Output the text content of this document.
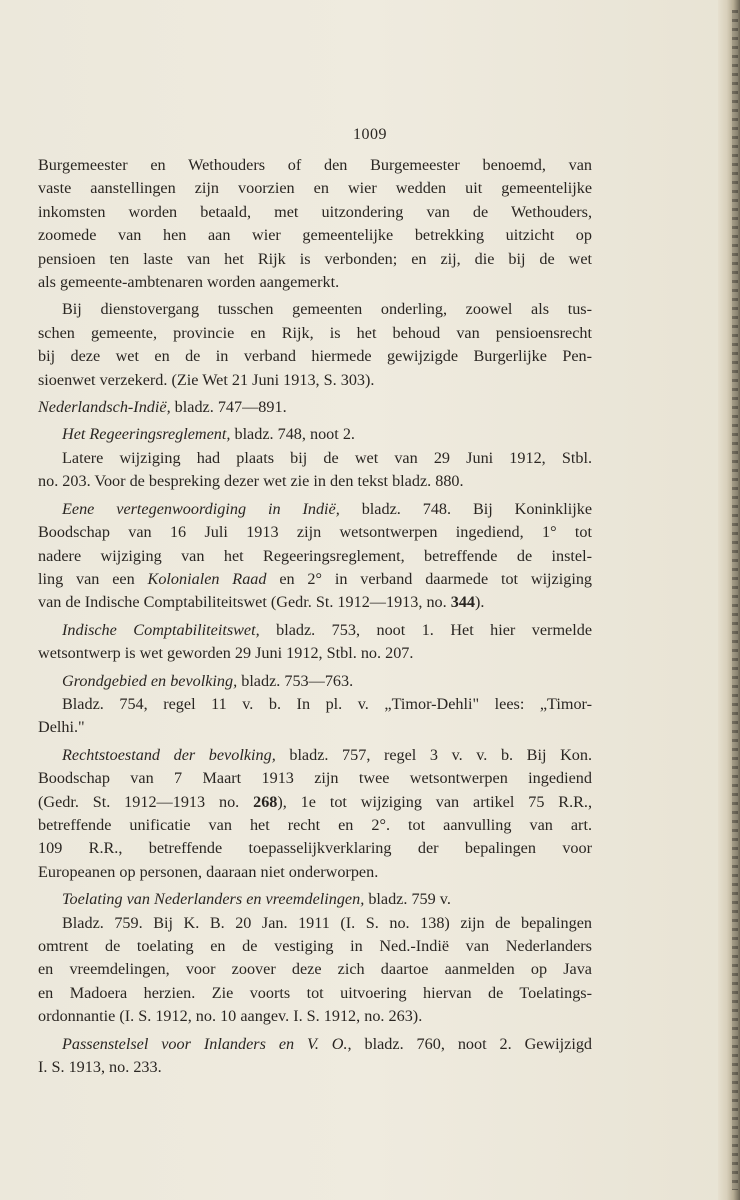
1009

Burgemeester en Wethouders of den Burgemeester benoemd, van

vaste aanstellingen zijn voorzien en wier wedden uit gemeentelijke

inkomsten worden betaald, met uitzondering van de Wethouders,

zoomede van hen aan wier gemeentelijke betrekking uitzicht op

pensioen ten laste van het Rijk is verbonden; en zij, die bij de wet

als gemeente-ambtenaren worden aangemerkt.

Bij dienstovergang tusschen gemeenten onderling, zoowel als tus-

schen gemeente, provincie en Rijk, is het behoud van pensioensrecht

bij deze wet en de in verband hiermede gewijzigde Burgerlijke Pen-

sioenwet verzekerd. (Zie Wet 21 Juni 1913, S. 303).

Nederlandsch-Indië, bladz. 747—891.

Het Regeeringsreglement, bladz. 748, noot 2.

Latere wijziging had plaats bij de wet van 29 Juni 1912, Stbl.

no. 203. Voor de bespreking dezer wet zie in den tekst bladz. 880.

Eene vertegenwoordiging in Indië, bladz. 748. Bij Koninklijke

Boodschap van 16 Juli 1913 zijn wetsontwerpen ingediend, 1° tot

nadere wijziging van het Regeeringsreglement, betreffende de instel-

ling van een Kolonialen Raad en 2° in verband daarmede tot wijziging

van de Indische Comptabiliteitswet (Gedr. St. 1912—1913, no. 344).

Indische Comptabiliteitswet, bladz. 753, noot 1. Het hier vermelde

wetsontwerp is wet geworden 29 Juni 1912, Stbl. no. 207.

Grondgebied en bevolking, bladz. 753—763.

Bladz. 754, regel 11 v. b. In pl. v. „Timor-Dehli" lees: „Timor-

Delhi."

Rechtstoestand der bevolking, bladz. 757, regel 3 v. v. b. Bij Kon.

Boodschap van 7 Maart 1913 zijn twee wetsontwerpen ingediend

(Gedr. St. 1912—1913 no. 268), 1e tot wijziging van artikel 75 R.R.,

betreffende unificatie van het recht en 2°. tot aanvulling van art.

109 R.R., betreffende toepasselijkverklaring der bepalingen voor

Europeanen op personen, daaraan niet onderworpen.

Toelating van Nederlanders en vreemdelingen, bladz. 759 v.

Bladz. 759. Bij K. B. 20 Jan. 1911 (I. S. no. 138) zijn de bepalingen

omtrent de toelating en de vestiging in Ned.-Indië van Nederlanders

en vreemdelingen, voor zoover deze zich daartoe aanmelden op Java

en Madoera herzien. Zie voorts tot uitvoering hiervan de Toelatings-

ordonnantie (I. S. 1912, no. 10 aangev. I. S. 1912, no. 263).

Passenstelsel voor Inlanders en V. O., bladz. 760, noot 2. Gewijzigd

I. S. 1913, no. 233.
